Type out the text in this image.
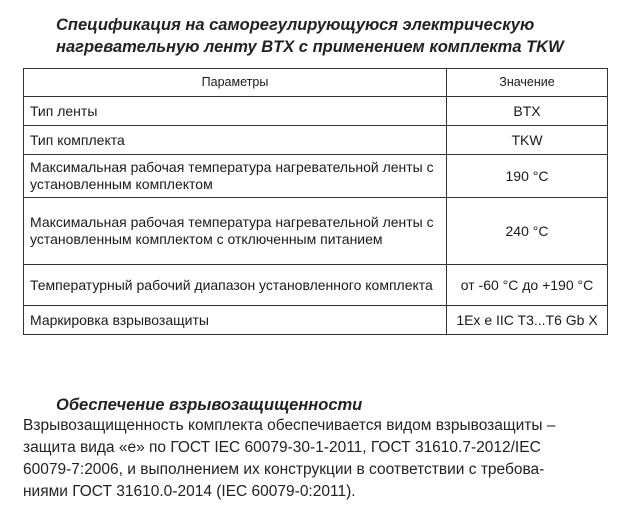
Спецификация на саморегулирующуюся электрическую
нагревательную ленту BTX с применением комплекта TKW
Параметры	Значение
Тип ленты	BTX
Тип комплекта	TKW
Максимальная рабочая температура нагревательной ленты с установленным комплектом	190 °C
Максимальная рабочая температура нагревательной ленты с установленным комплектом с отключенным питанием	240 °C
Температурный рабочий диапазон установленного комплекта	от -60 °C до +190 °C
Маркировка взрывозащиты	1Ex e IIC T3...T6 Gb X
Обеспечение взрывозащищенности
Взрывозащищенность комплекта обеспечивается видом взрывозащиты –
защита вида «е» по ГОСТ IEC 60079-30-1-2011, ГОСТ 31610.7-2012/IEC
60079-7:2006, и выполнением их конструкции в соответствии с требова-
ниями ГОСТ 31610.0-2014 (IEC 60079-0:2011).
